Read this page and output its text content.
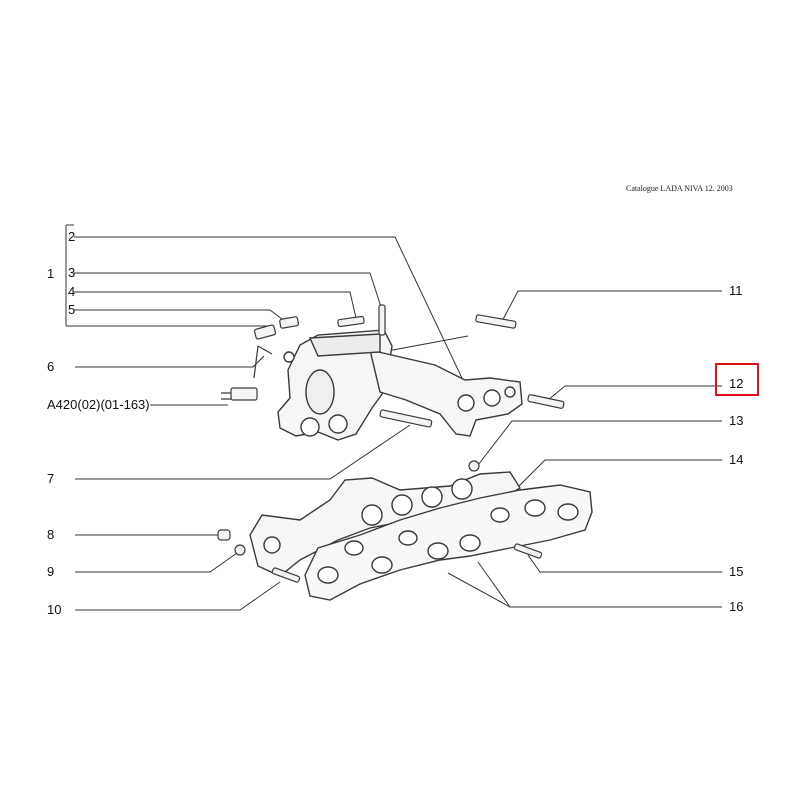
Catalogue LADA NIVA 12. 2003
1
2
3
4
5
6
A420(02)(01-163)
7
8
9
10
11
12
13
14
15
16
